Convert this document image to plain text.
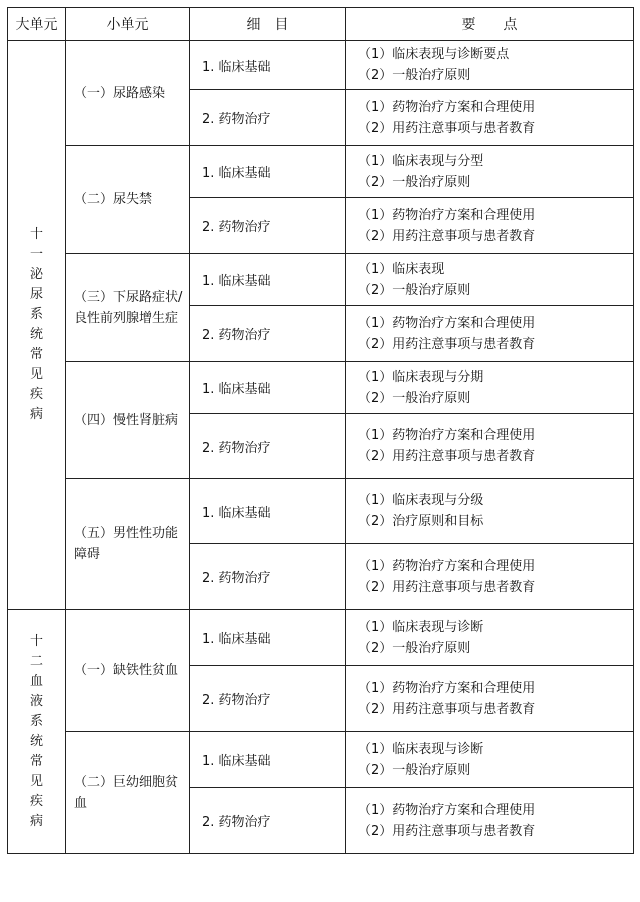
大单元	小单元	细　目	要　　点
十一　泌尿系统常见疾病	（一）尿路感染	1. 临床基础	（1）临床表现与诊断要点
（2）一般治疗原则

		2. 药物治疗	（1）药物治疗方案和合理使用
（2）用药注意事项与患者教育

	（二）尿失禁	1. 临床基础	（1）临床表现与分型
（2）一般治疗原则

		2. 药物治疗	（1）药物治疗方案和合理使用
（2）用药注意事项与患者教育

	（三）下尿路症状/良性前列腺增生症	1. 临床基础	（1）临床表现
（2）一般治疗原则

		2. 药物治疗	（1）药物治疗方案和合理使用
（2）用药注意事项与患者教育

	（四）慢性肾脏病	1. 临床基础	（1）临床表现与分期
（2）一般治疗原则

		2. 药物治疗	（1）药物治疗方案和合理使用
（2）用药注意事项与患者教育

	（五）男性性功能障碍	1. 临床基础	（1）临床表现与分级
（2）治疗原则和目标

		2. 药物治疗	（1）药物治疗方案和合理使用
（2）用药注意事项与患者教育

十二　血液系统常见疾病	（一）缺铁性贫血	1. 临床基础	（1）临床表现与诊断
（2）一般治疗原则

		2. 药物治疗	（1）药物治疗方案和合理使用
（2）用药注意事项与患者教育

	（二）巨幼细胞贫血	1. 临床基础	（1）临床表现与诊断
（2）一般治疗原则

		2. 药物治疗	（1）药物治疗方案和合理使用
（2）用药注意事项与患者教育
